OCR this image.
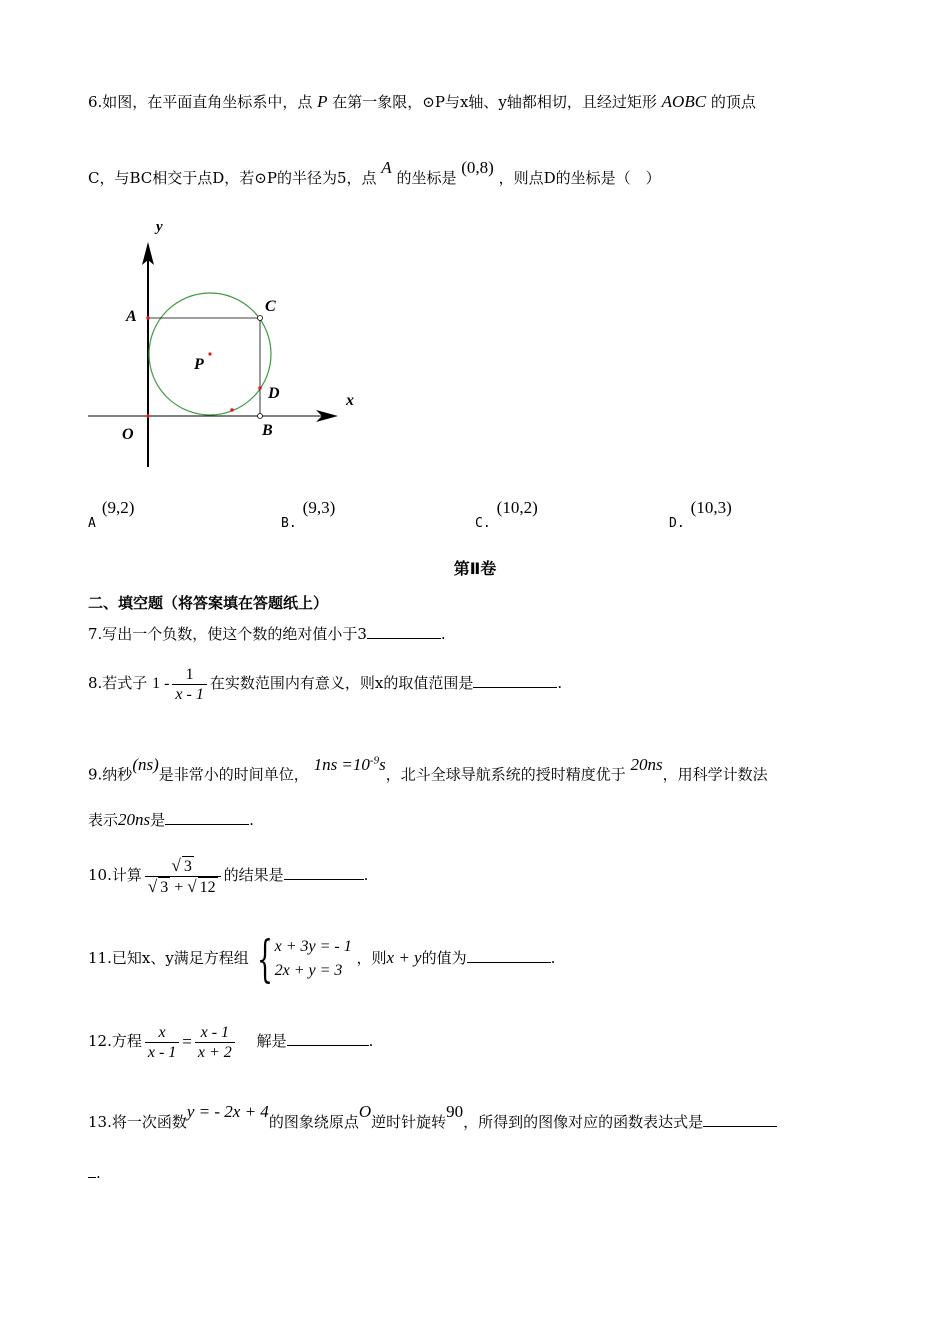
6.如图，在平面直角坐标系中，点 P 在第一象限，⊙P与x轴、y轴都相切，且经过矩形 AOBC 的顶点
C，与BC相交于点D，若⊙P的半径为5，点 A 的坐标是 (0,8) ，则点D的坐标是（　）
y
x
A
C
P
D
O	B
A(9,2)
B.(9,3)
C.(10,2)
D.(10,3)
第Ⅱ卷
二、填空题（将答案填在答题纸上）
7.写出一个负数，使这个数的绝对值小于3	.
8.若式子 $1 - \frac{1}{x - 1}$ 在实数范围内有意义，则x的取值范围是	.
9.纳秒(ns)是非常小的时间单位， $1ns =10^{-9}s$，北斗全球导航系统的授时精度优于 20ns，用科学计数法
表示20ns是	.
10.计算 $\frac{√ 3}{√ 3 + √ 12}$ 的结果是	.
11.已知x、y满足方程组 { x + 3y = - 1
2x + y = 3
，则x + y的值为	.
12.方程 $\frac{x}{x - 1} = \frac{x - 1}{x + 2}$ 解是	.
13.将一次函数y = - 2x + 4的图象绕原点O逆时针旋转90，所得到的图像对应的函数表达式是
.
